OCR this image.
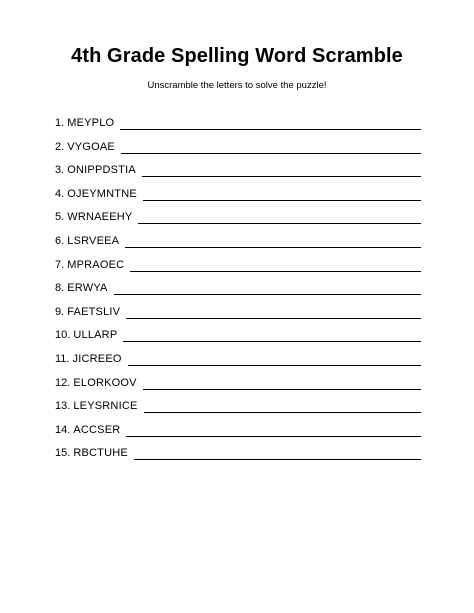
4th Grade Spelling Word Scramble
Unscramble the letters to solve the puzzle!
1.
MEYPLO
2.
VYGOAE
3.
ONIPPDSTIA
4.
OJEYMNTNE
5.
WRNAEEHY
6.
LSRVEEA
7.
MPRAOEC
8.
ERWYA
9.
FAETSLIV
10.
ULLARP
11.
JICREEO
12.
ELORKOOV
13.
LEYSRNICE
14.
ACCSER
15.
RBCTUHE
